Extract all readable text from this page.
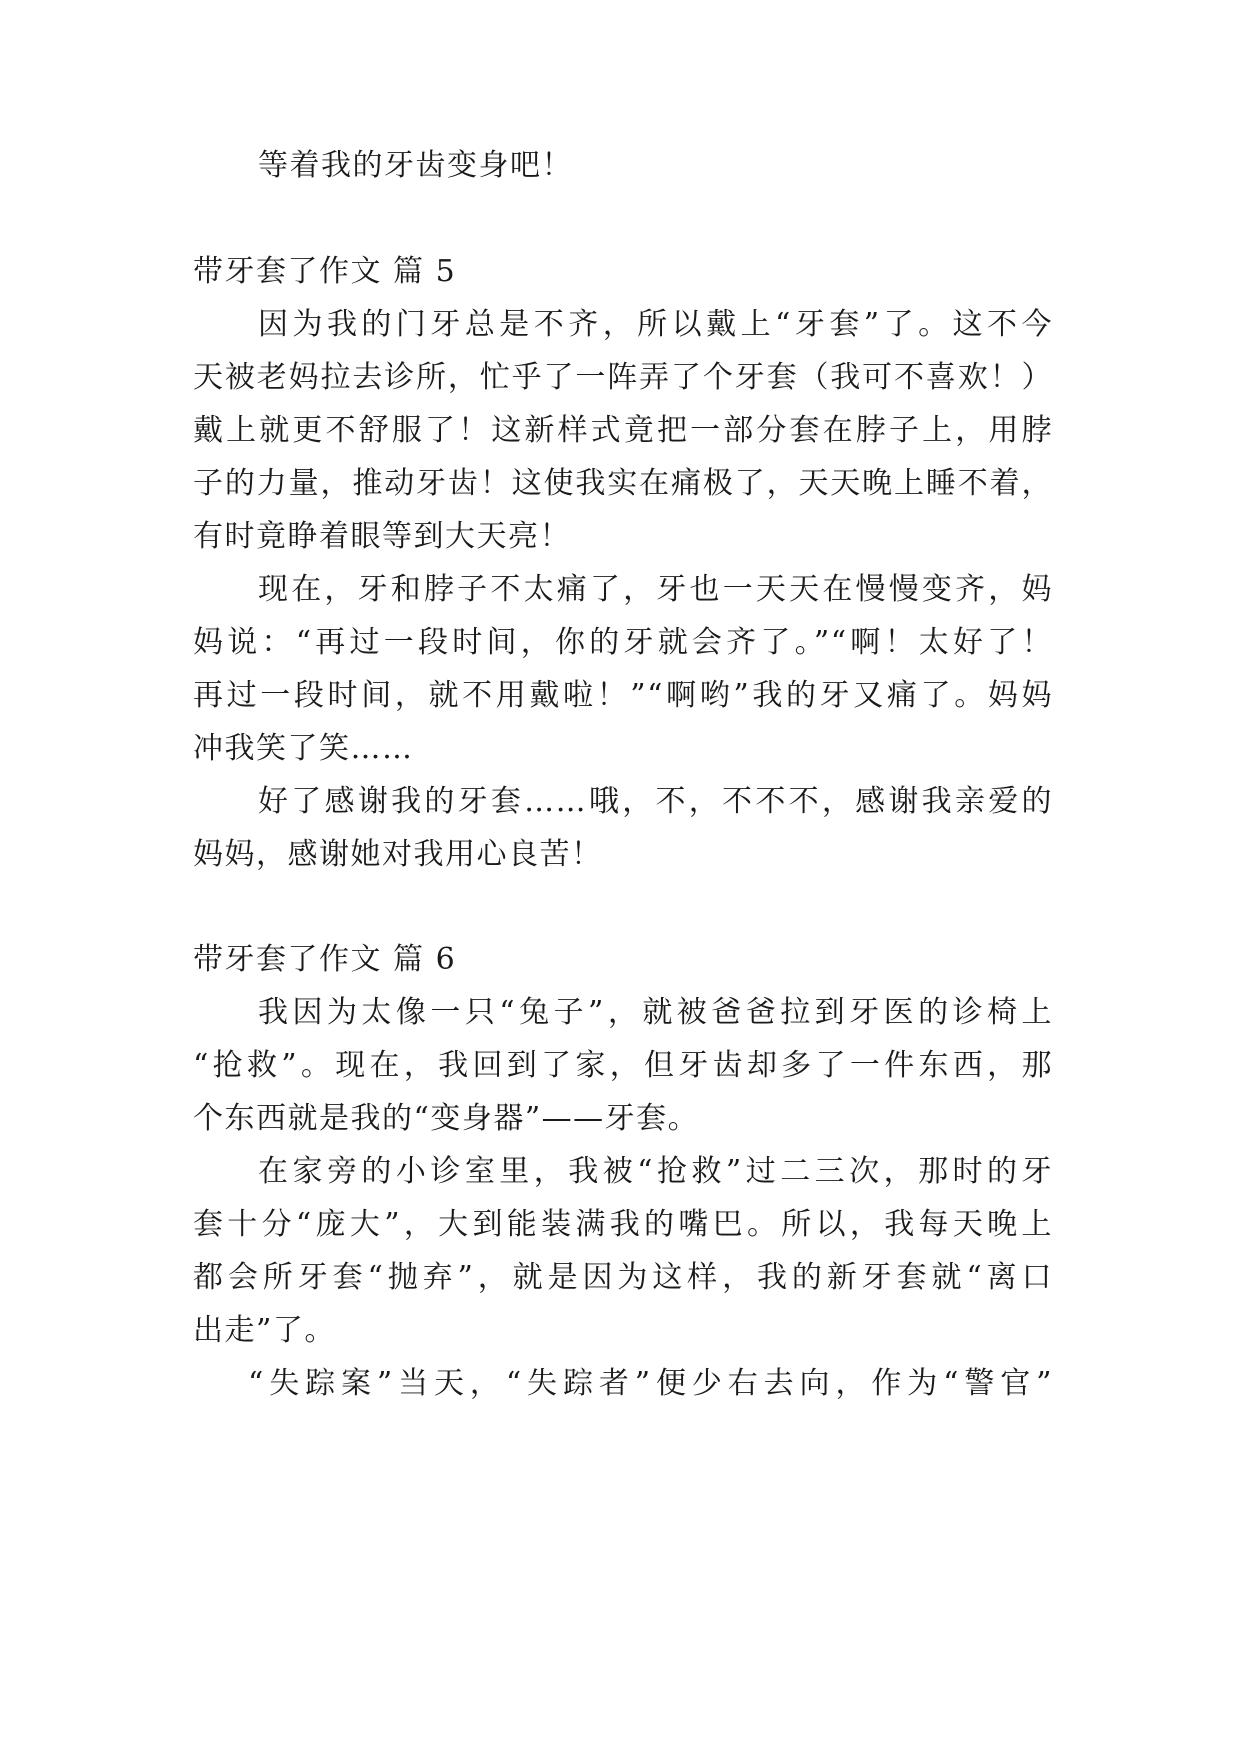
等着我的牙齿变身吧！
带牙套了作文 篇 5
因为我的门牙总是不齐，所以戴上“牙套”了。这不今
天被老妈拉去诊所，忙乎了一阵弄了个牙套（我可不喜欢！）
戴上就更不舒服了！这新样式竟把一部分套在脖子上，用脖
子的力量，推动牙齿！这使我实在痛极了，天天晚上睡不着，
有时竟睁着眼等到大天亮！
现在，牙和脖子不太痛了，牙也一天天在慢慢变齐，妈
妈说：“再过一段时间，你的牙就会齐了。”“啊！太好了！
再过一段时间，就不用戴啦！”“啊哟”我的牙又痛了。妈妈
冲我笑了笑……
好了感谢我的牙套……哦，不，不不不，感谢我亲爱的
妈妈，感谢她对我用心良苦！
带牙套了作文 篇 6
我因为太像一只“兔子”，就被爸爸拉到牙医的诊椅上
“抢救”。现在，我回到了家，但牙齿却多了一件东西，那
个东西就是我的“变身器”——牙套。
在家旁的小诊室里，我被“抢救”过二三次，那时的牙
套十分“庞大”，大到能装满我的嘴巴。所以，我每天晚上
都会所牙套“抛弃”，就是因为这样，我的新牙套就“离口
出走”了。
“失踪案”当天，“失踪者”便少右去向，作为“警官”
